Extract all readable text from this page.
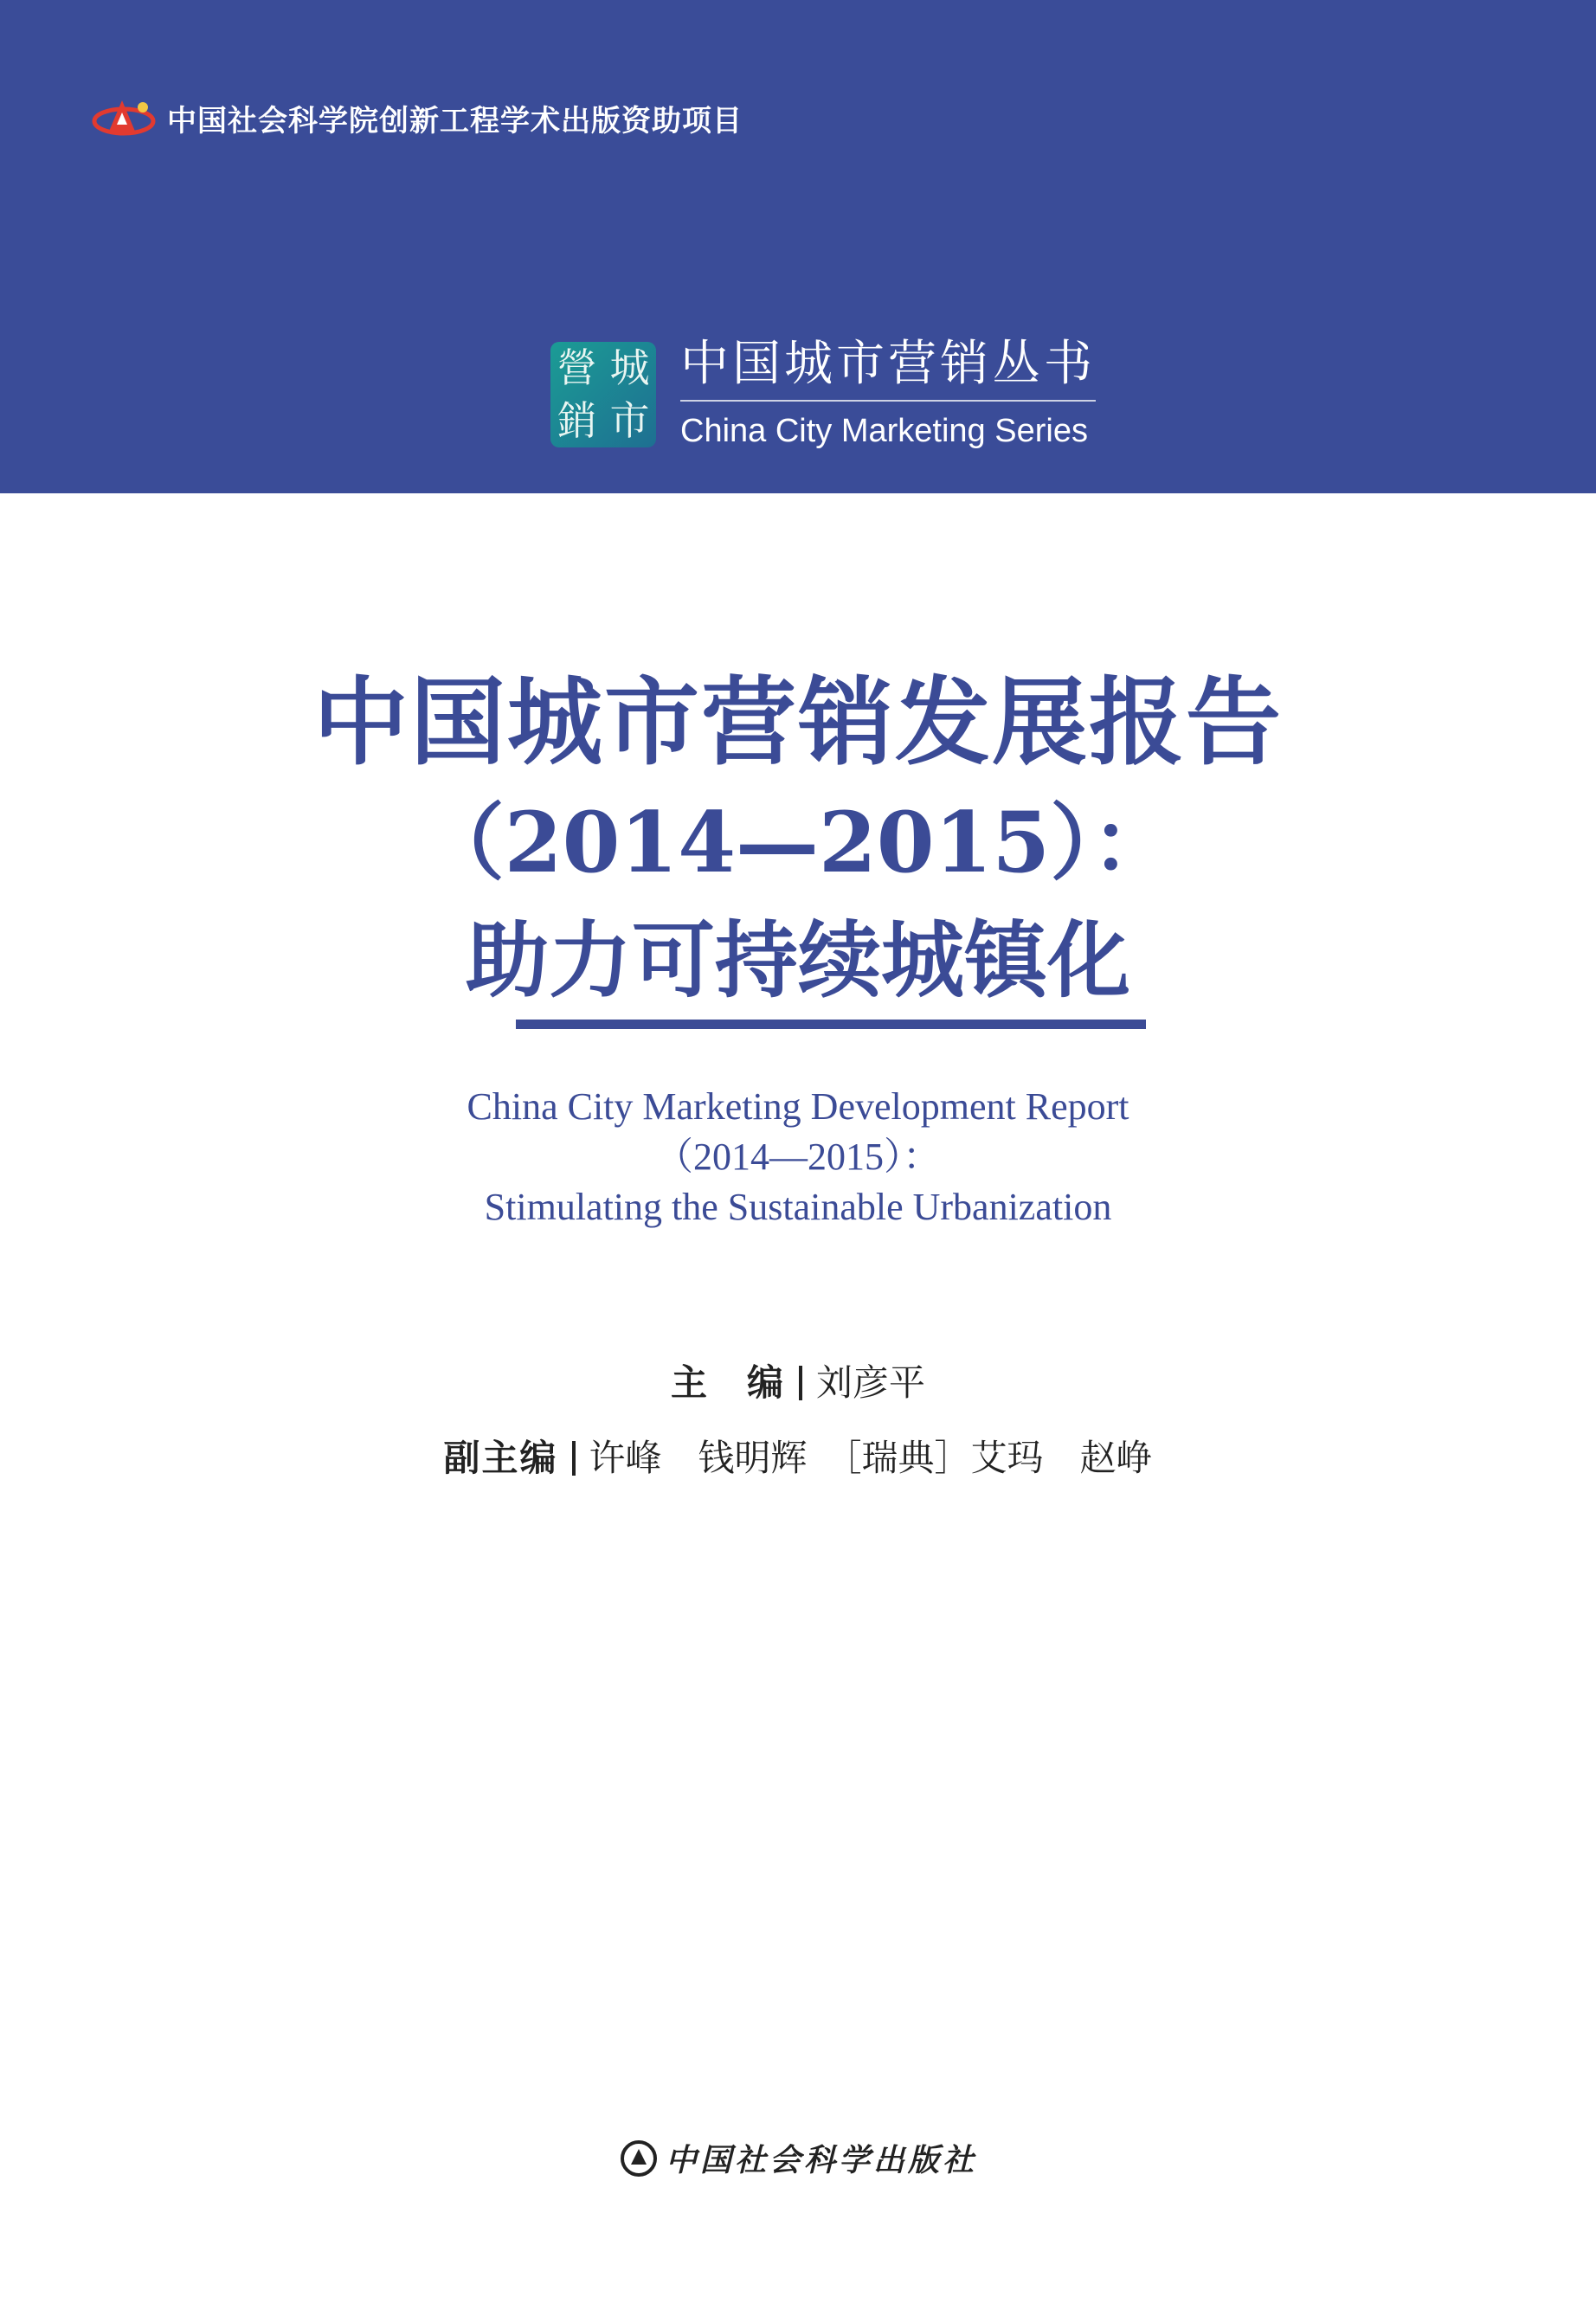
中国社会科学院创新工程学术出版资助项目
城
市
營
銷
中国城市营销丛书
China City Marketing Series
中国城市营销发展报告
（2014—2015）：
助力可持续城镇化
China City Marketing Development Report
（2014—2015）：
Stimulating the Sustainable Urbanization
主　编 刘彦平
副主编 许峰　钱明辉　［瑞典］艾玛　赵峥
中国社会科学出版社
